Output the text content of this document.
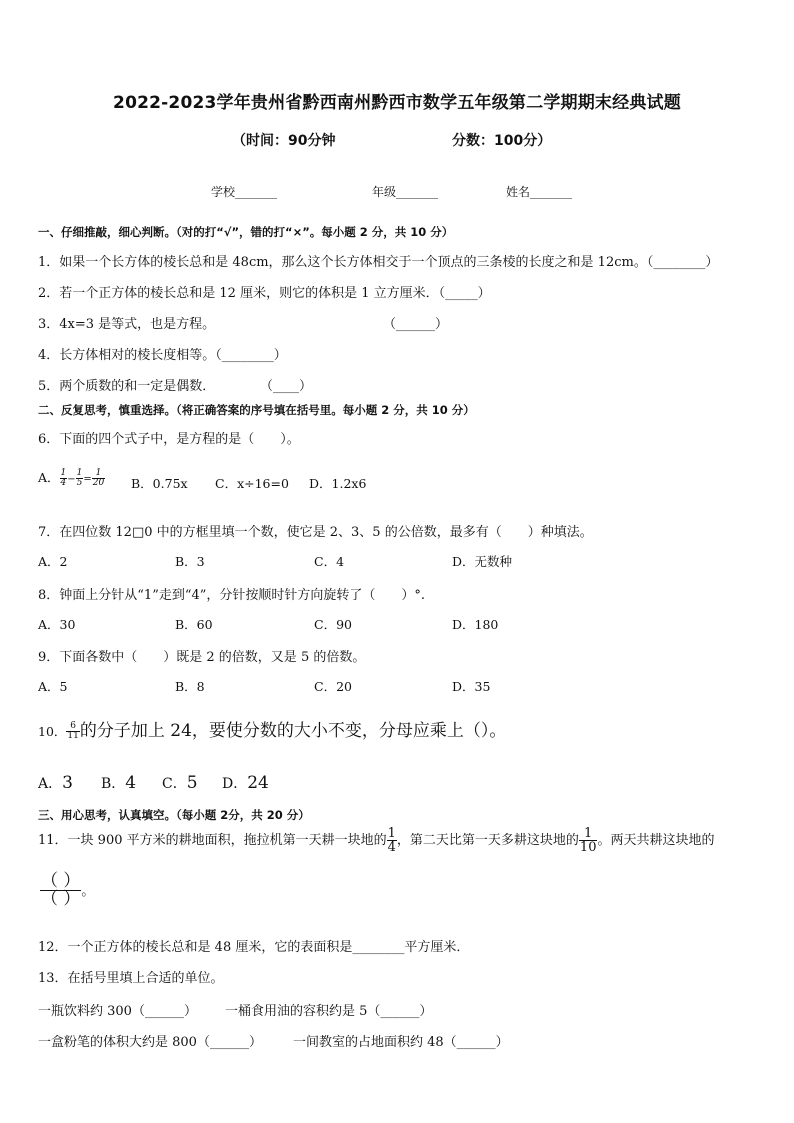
2022-2023学年贵州省黔西南州黔西市数学五年级第二学期期末经典试题
（时间：90分钟	分数：100分）
学校_______	年级_______	姓名_______
一、仔细推敲，细心判断。（对的打“√”，错的打“×”。每小题 2 分，共 10 分）
1．如果一个长方体的棱长总和是 48cm，那么这个长方体相交于一个顶点的三条棱的长度之和是 12cm。（________）
2．若一个正方体的棱长总和是 12 厘米，则它的体积是 1 立方厘米．（_____）
3．4x=3 是等式，也是方程。	（______）
4．长方体相对的棱长度相等。（________）
5．两个质数的和一定是偶数．	（____）
二、反复思考，慎重选择。（将正确答案的序号填在括号里。每小题 2 分，共 10 分）
6．下面的四个式子中，是方程的是（　　）。
A． $\frac{1}{4} - \frac{1}{5} = \frac{1}{20}$ B．0.75x C．x÷16=0 D．1.2x6
7．在四位数 12□0 中的方框里填一个数，使它是 2、3、5 的公倍数，最多有（　　）种填法。
A．2	B．3	C．4	D．无数种
8．钟面上分针从“1”走到“4”，分针按顺时针方向旋转了（　　）°.
A．30	B．60	C．90	D．180
9．下面各数中（　　）既是 2 的倍数，又是 5 的倍数。
A．5	B．8	C．20	D．35
10． $\frac{6}{11}$ 的分子加上 24，要使分数的大小不变，分母应乘上（）。
A．3 B．4 C．5 D．24
三、用心思考，认真填空。（每小题 2分，共 20 分）
11．一块 900 平方米的耕地面积，拖拉机第一天耕一块地的 $\frac{1}{4}$ ，第二天比第一天多耕这块地的 $\frac{1}{10}$ 。两天共耕这块地的
$\frac{( )}{( )}$ 。
12．一个正方体的棱长总和是 48 厘米，它的表面积是________平方厘米．
13．在括号里填上合适的单位。
一瓶饮料约 300（______） 一桶食用油的容积约是 5（______）
一盒粉笔的体积大约是 800（______） 一间教室的占地面积约 48（______）
